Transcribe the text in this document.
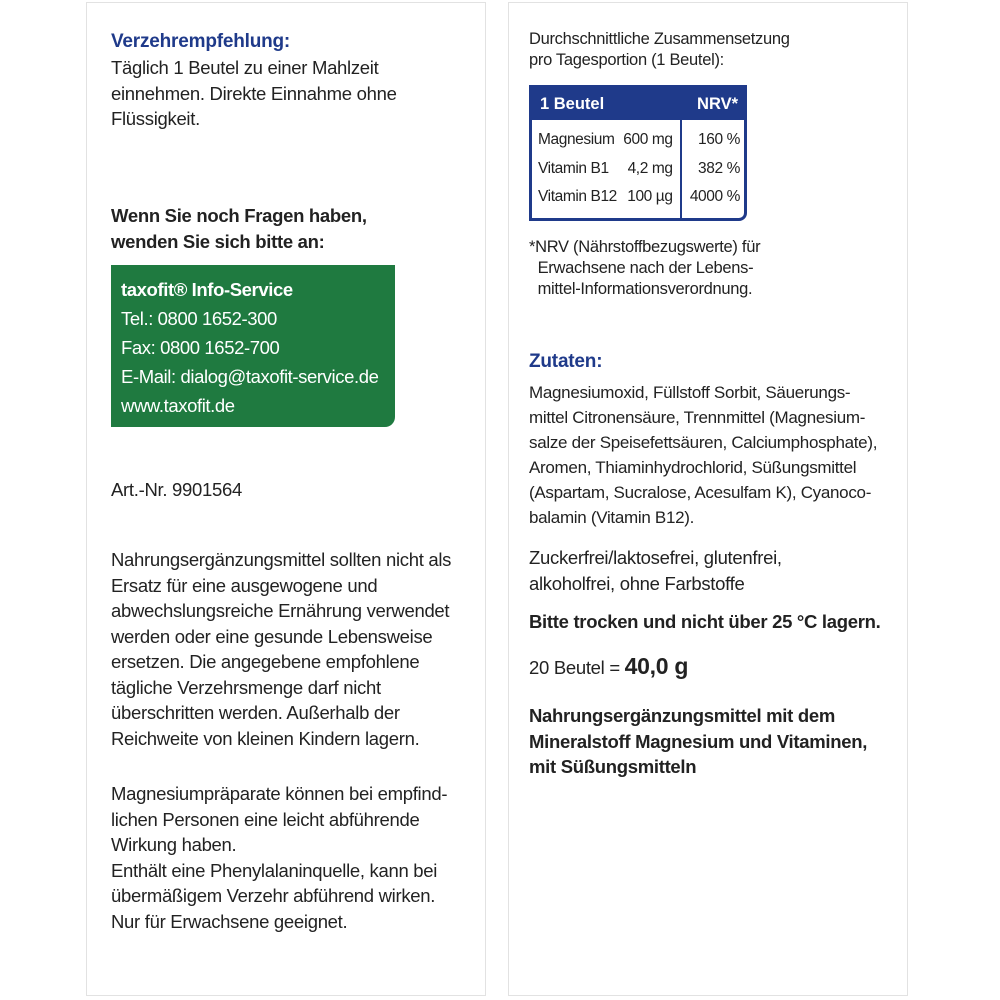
Verzehrempfehlung:
Täglich 1 Beutel zu einer Mahlzeit
einnehmen. Direkte Einnahme ohne
Flüssigkeit.
Wenn Sie noch Fragen haben,
wenden Sie sich bitte an:
taxofit® Info-Service
Tel.: 0800 1652-300
Fax: 0800 1652-700
E-Mail: dialog@taxofit-service.de
www.taxofit.de
Art.-Nr. 9901564
Nahrungsergänzungsmittel sollten nicht als
Ersatz für eine ausgewogene und
abwechslungsreiche Ernährung verwendet
werden oder eine gesunde Lebensweise
ersetzen. Die angegebene empfohlene
tägliche Verzehrsmenge darf nicht
überschritten werden. Außerhalb der
Reichweite von kleinen Kindern lagern.
Magnesiumpräparate können bei empfind-
lichen Personen eine leicht abführende
Wirkung haben.
Enthält eine Phenylalaninquelle, kann bei
übermäßigem Verzehr abführend wirken.
Nur für Erwachsene geeignet.
Durchschnittliche Zusammensetzung
pro Tagesportion (1 Beutel):
1 Beutel	NRV*
Magnesium 600 mg	160 %
Vitamin B1	4,2 mg	382 %
Vitamin B12 100 µg	4000 %
*NRV (Nährstoffbezugswerte) für
Erwachsene nach der Lebens-
mittel-Informationsverordnung.
Zutaten:
Magnesiumoxid, Füllstoff Sorbit, Säuerungs-
mittel Citronensäure, Trennmittel (Magnesium-
salze der Speisefettsäuren, Calciumphosphate),
Aromen, Thiaminhydrochlorid, Süßungsmittel
(Aspartam, Sucralose, Acesulfam K), Cyanoco-
balamin (Vitamin B12).
Zuckerfrei/laktosefrei, glutenfrei,
alkoholfrei, ohne Farbstoffe
Bitte trocken und nicht über 25 °C lagern.
20 Beutel = 40,0 g
Nahrungsergänzungsmittel mit dem
Mineralstoff Magnesium und Vitaminen,
mit Süßungsmitteln
